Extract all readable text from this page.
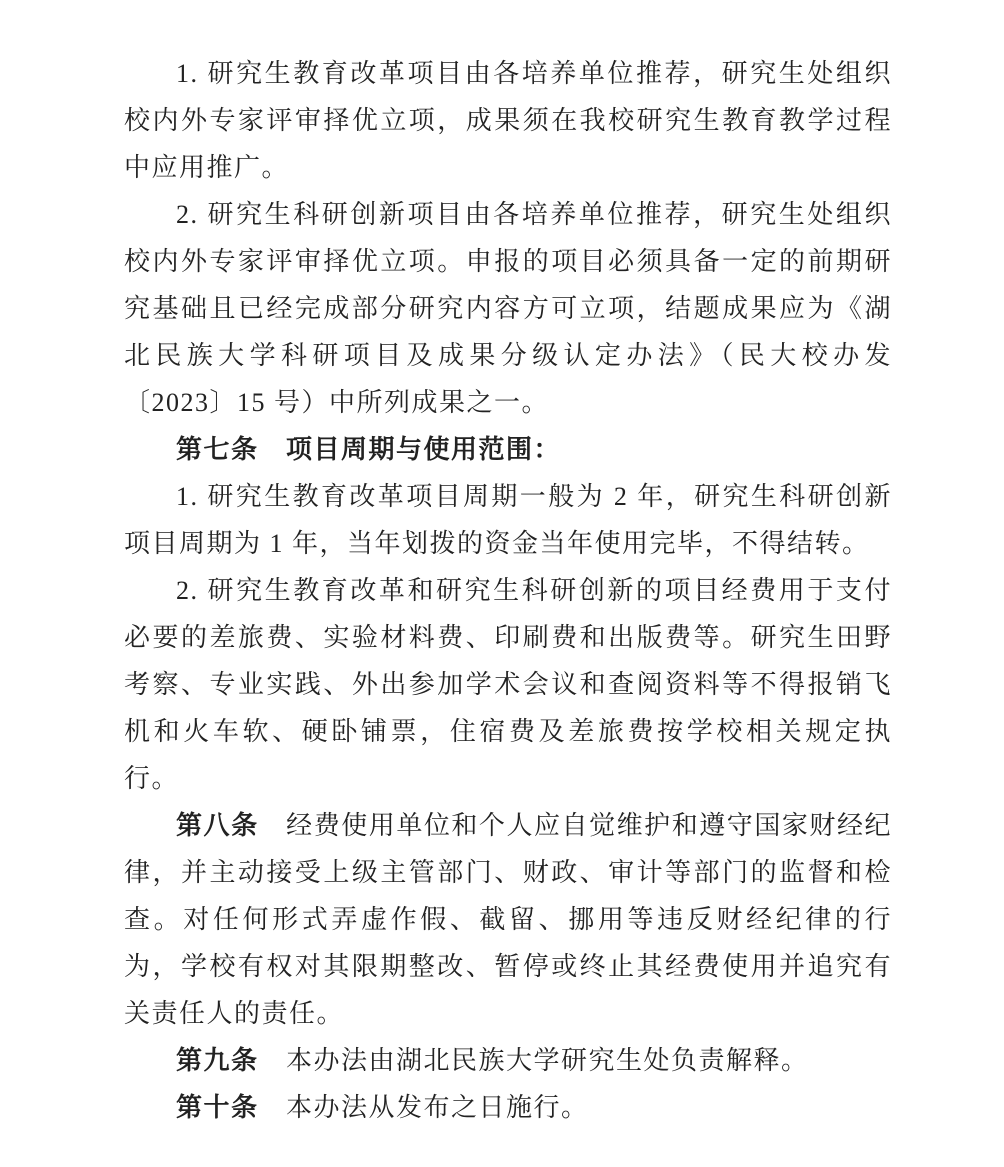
1. 研究生教育改革项目由各培养单位推荐，研究生处组织校内外专家评审择优立项，成果须在我校研究生教育教学过程中应用推广。

2. 研究生科研创新项目由各培养单位推荐，研究生处组织校内外专家评审择优立项。申报的项目必须具备一定的前期研究基础且已经完成部分研究内容方可立项，结题成果应为《湖北民族大学科研项目及成果分级认定办法》（民大校办发〔2023〕15 号）中所列成果之一。

第七条　项目周期与使用范围：

1. 研究生教育改革项目周期一般为 2 年，研究生科研创新项目周期为 1 年，当年划拨的资金当年使用完毕，不得结转。

2. 研究生教育改革和研究生科研创新的项目经费用于支付必要的差旅费、实验材料费、印刷费和出版费等。研究生田野考察、专业实践、外出参加学术会议和查阅资料等不得报销飞机和火车软、硬卧铺票，住宿费及差旅费按学校相关规定执行。

第八条　经费使用单位和个人应自觉维护和遵守国家财经纪律，并主动接受上级主管部门、财政、审计等部门的监督和检查。对任何形式弄虚作假、截留、挪用等违反财经纪律的行为，学校有权对其限期整改、暂停或终止其经费使用并追究有关责任人的责任。

第九条　本办法由湖北民族大学研究生处负责解释。

第十条　本办法从发布之日施行。
